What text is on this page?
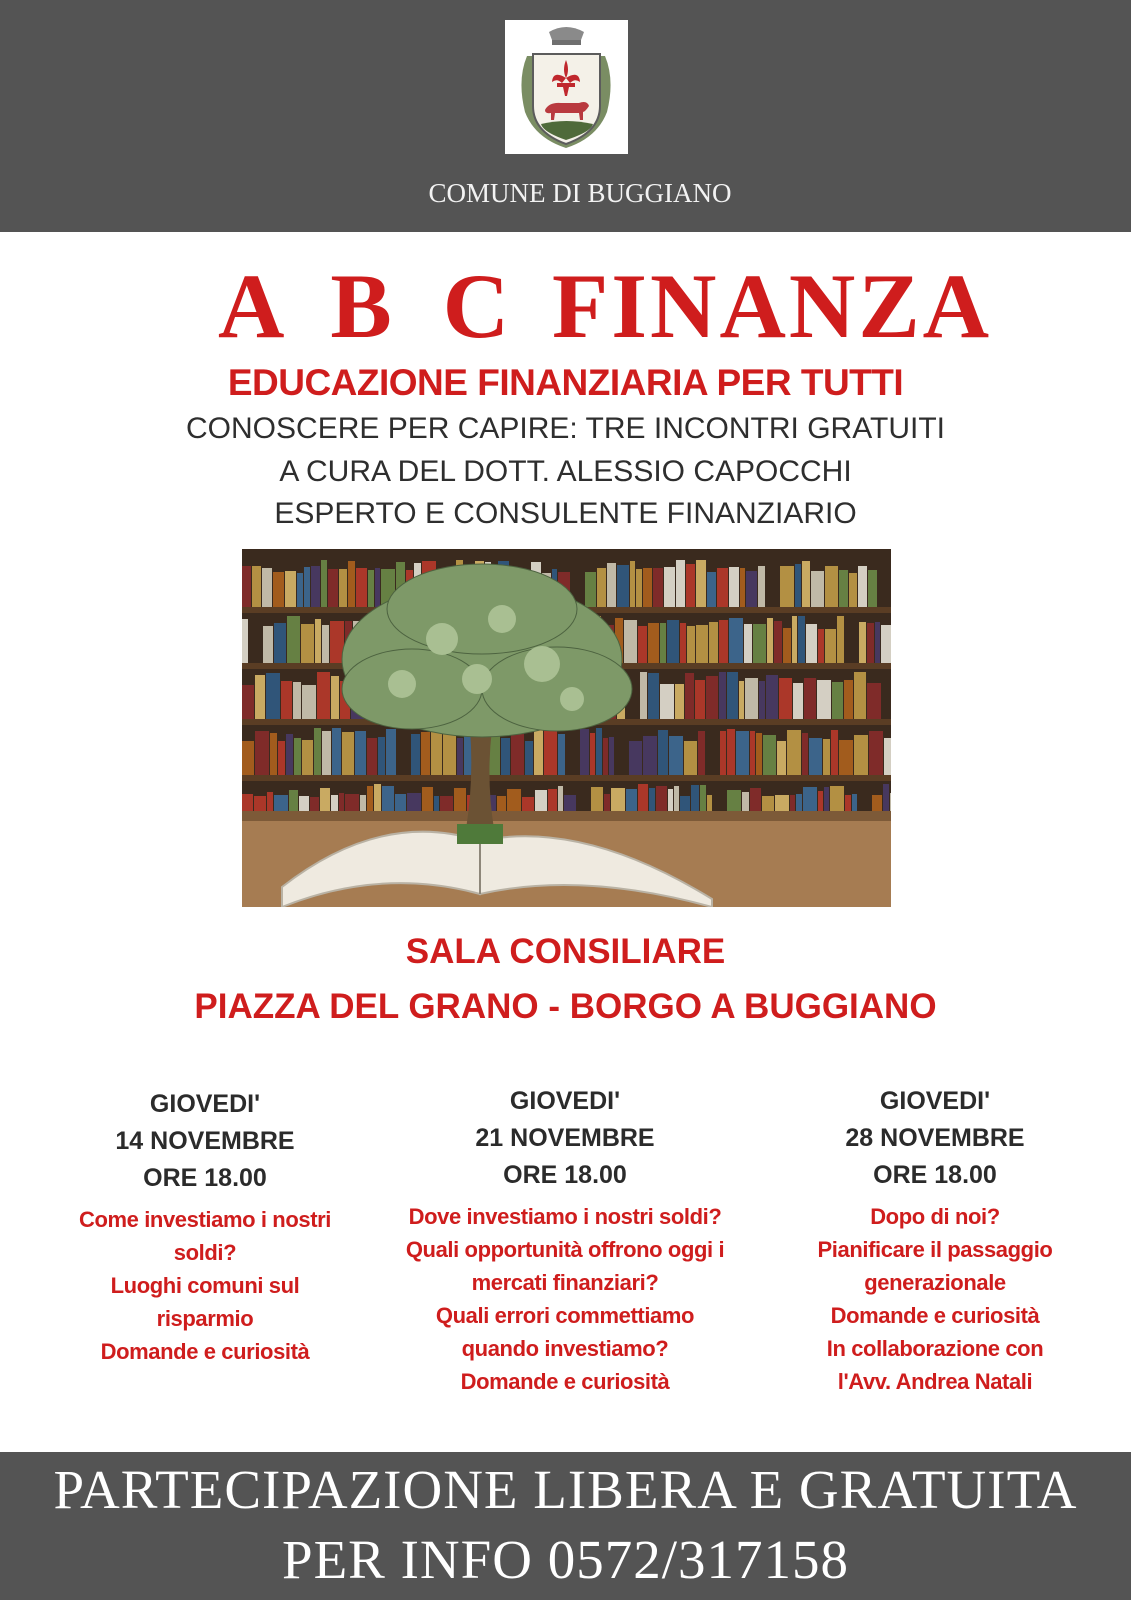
COMUNE DI BUGGIANO
A B C FINANZA
EDUCAZIONE FINANZIARIA PER TUTTI
CONOSCERE PER CAPIRE: TRE INCONTRI GRATUITI
A CURA DEL DOTT. ALESSIO CAPOCCHI
ESPERTO E CONSULENTE FINANZIARIO
SALA CONSILIARE
PIAZZA DEL GRANO - BORGO A BUGGIANO
GIOVEDI'
14 NOVEMBRE
ORE 18.00
Come investiamo i nostri
soldi?
Luoghi comuni sul
risparmio
Domande e curiosità
GIOVEDI'
21 NOVEMBRE
ORE 18.00
Dove investiamo i nostri soldi?
Quali opportunità offrono oggi i
mercati finanziari?
Quali errori commettiamo
quando investiamo?
Domande e curiosità
GIOVEDI'
28 NOVEMBRE
ORE 18.00
Dopo di noi?
Pianificare il passaggio
generazionale
Domande e curiosità
In collaborazione con
l'Avv. Andrea Natali
PARTECIPAZIONE LIBERA E GRATUITA
PER INFO 0572/317158
